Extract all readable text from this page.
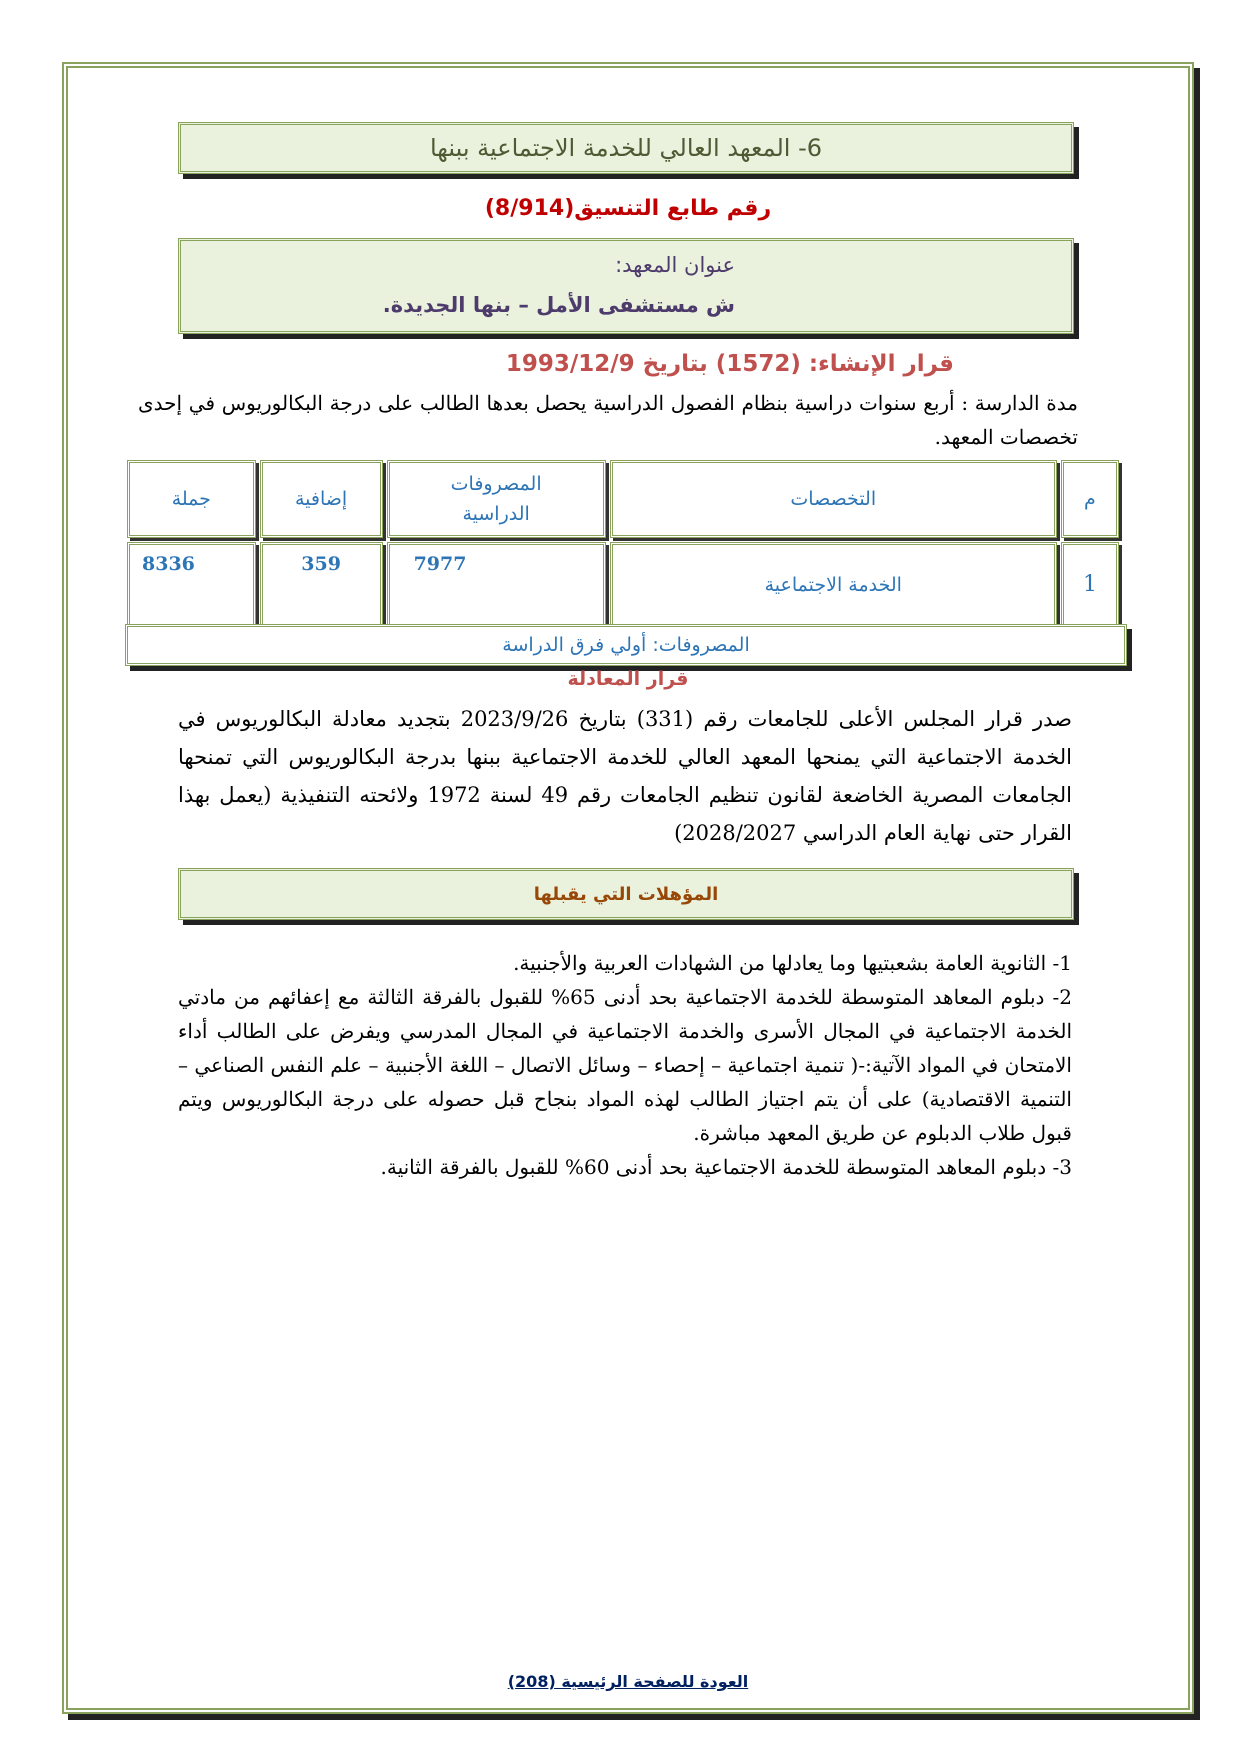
6- المعهد العالي للخدمة الاجتماعية ببنها
رقم طابع التنسيق(8/914)
عنوان المعهد:
ش مستشفى الأمل – بنها الجديدة.
قرار الإنشاء: (1572) بتاريخ 1993/12/9
مدة الدارسة : أربع سنوات دراسية بنظام الفصول الدراسية يحصل بعدها الطالب على درجة البكالوريوس في إحدى تخصصات المعهد.
م	التخصصات	المصروفات الدراسية	إضافية	جملة
1	الخدمة الاجتماعية	7977	359	8336
المصروفات: أولي فرق الدراسة
قرار المعادلة
صدر قرار المجلس الأعلى للجامعات رقم (331) بتاريخ 2023/9/26 بتجديد معادلة البكالوريوس في الخدمة الاجتماعية التي يمنحها المعهد العالي للخدمة الاجتماعية ببنها بدرجة البكالوريوس التي تمنحها الجامعات المصرية الخاضعة لقانون تنظيم الجامعات رقم 49 لسنة 1972 ولائحته التنفيذية (يعمل بهذا القرار حتى نهاية العام الدراسي 2028/2027)
المؤهلات التي يقبلها

1- الثانوية العامة بشعبتيها وما يعادلها من الشهادات العربية والأجنبية.

2- دبلوم المعاهد المتوسطة للخدمة الاجتماعية بحد أدنى 65% للقبول بالفرقة الثالثة مع إعفائهم من مادتي الخدمة الاجتماعية في المجال الأسرى والخدمة الاجتماعية في المجال المدرسي ويفرض على الطالب أداء الامتحان في المواد الآتية:-( تنمية اجتماعية – إحصاء – وسائل الاتصال – اللغة الأجنبية – علم النفس الصناعي – التنمية الاقتصادية) على أن يتم اجتياز الطالب لهذه المواد بنجاح قبل حصوله على درجة البكالوريوس ويتم قبول طلاب الدبلوم عن طريق المعهد مباشرة.

3- دبلوم المعاهد المتوسطة للخدمة الاجتماعية بحد أدنى 60% للقبول بالفرقة الثانية.

العودة للصفحة الرئيسية (208)
